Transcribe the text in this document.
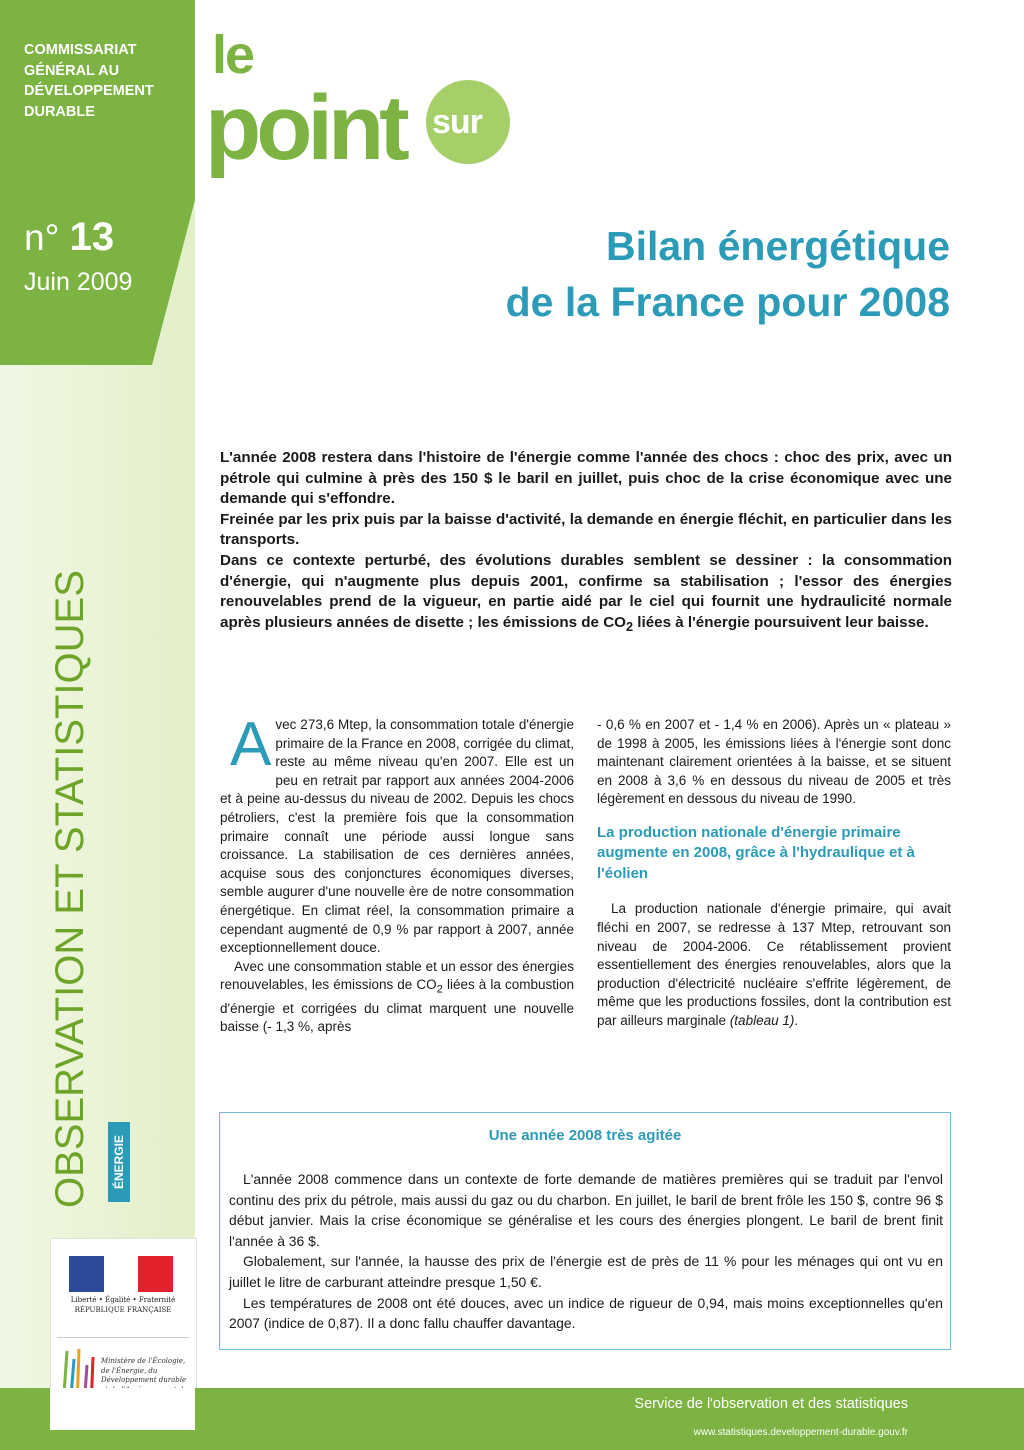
COMMISSARIAT GÉNÉRAL AU DÉVELOPPEMENT DURABLE
n° 13
Juin 2009
OBSERVATION ET STATISTIQUES	ÉNERGIE
Liberté • Égalité • Fraternité
RÉPUBLIQUE FRANÇAISE
Ministère de l'Écologie, de l'Énergie, du Développement durable
le
point sur
Bilan énergétique
de la France pour 2008

L'année 2008 restera dans l'histoire de l'énergie comme l'année des chocs : choc des prix, avec un pétrole qui culmine à près des 150 $ le baril en juillet, puis choc de la crise économique avec une demande qui s'effondre.

Freinée par les prix puis par la baisse d'activité, la demande en énergie fléchit, en particulier dans les transports.

Dans ce contexte perturbé, des évolutions durables semblent se dessiner : la consommation d'énergie, qui n'augmente plus depuis 2001, confirme sa stabilisation ; l'essor des énergies renouvelables prend de la vigueur, en partie aidé par le ciel qui fournit une hydraulicité normale après plusieurs années de disette ; les émissions de $CO_2$ liées à l'énergie poursuivent leur baisse.

Avec 273,6 Mtep, la consommation totale d'énergie primaire de la France en 2008, corrigée du climat, reste au même niveau qu'en 2007. Elle est un peu en retrait par rapport aux années 2004-2006 et à peine au-dessus du niveau de 2002. Depuis les chocs pétroliers, c'est la première fois que la consommation primaire connaît une période aussi longue sans croissance. La stabilisation de ces dernières années, acquise sous des conjonctures économiques diverses, semble augurer d'une nouvelle ère de notre consommation énergétique. En climat réel, la consommation primaire a cependant augmenté de 0,9 % par rapport à 2007, année exceptionnellement douce.

Avec une consommation stable et un essor des énergies renouvelables, les émissions de $CO_2$ liées à la combustion d'énergie et corrigées du climat marquent une nouvelle baisse (- 1,3 %, après

- 0,6 % en 2007 et - 1,4 % en 2006). Après un « plateau » de 1998 à 2005, les émissions liées à l'énergie sont donc maintenant clairement orientées à la baisse, et se situent en 2008 à 3,6 % en dessous du niveau de 2005 et très légèrement en dessous du niveau de 1990.

La production nationale d'énergie primaire augmente en 2008, grâce à l'hydraulique et à l'éolien

La production nationale d'énergie primaire, qui avait fléchi en 2007, se redresse à 137 Mtep, retrouvant son niveau de 2004-2006. Ce rétablissement provient essentiellement des énergies renouvelables, alors que la production d'électricité nucléaire s'effrite légèrement, de même que les productions fossiles, dont la contribution est par ailleurs marginale (tableau 1).

Une année 2008 très agitée

L'année 2008 commence dans un contexte de forte demande de matières premières qui se traduit par l'envol continu des prix du pétrole, mais aussi du gaz ou du charbon. En juillet, le baril de brent frôle les 150 $, contre 96 $ début janvier. Mais la crise économique se généralise et les cours des énergies plongent. Le baril de brent finit l'année à 36 $.

Globalement, sur l'année, la hausse des prix de l'énergie est de près de 11 % pour les ménages qui ont vu en juillet le litre de carburant atteindre presque 1,50 €.

Les températures de 2008 ont été douces, avec un indice de rigueur de 0,94, mais moins exceptionnelles qu'en 2007 (indice de 0,87). Il a donc fallu chauffer davantage.

Service de l'observation et des statistiques
www.statistiques.developpement-durable.gouv.fr
